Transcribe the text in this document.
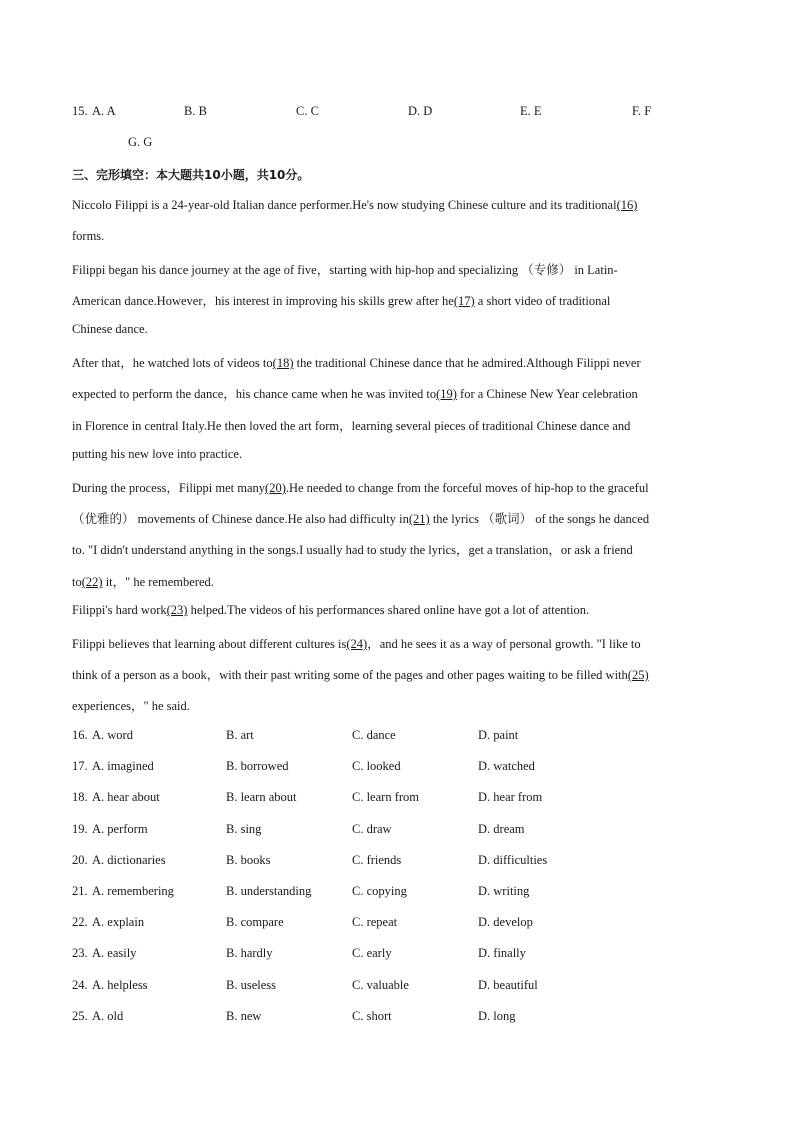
15. A. A	B. B	C. C	D. D	E. E	F. F
G. G
三、完形填空：本大题共10小题，共10分。
Niccolo Filippi is a 24-year-old Italian dance performer.He's now studying Chinese culture and its traditional(16)
forms.
Filippi began his dance journey at the age of five，starting with hip-hop and specializing （专修） in Latin-
American dance.However，his interest in improving his skills grew after he(17) a short video of traditional
Chinese dance.
After that，he watched lots of videos to(18) the traditional Chinese dance that he admired.Although Filippi never
expected to perform the dance，his chance came when he was invited to(19) for a Chinese New Year celebration
in Florence in central Italy.He then loved the art form，learning several pieces of traditional Chinese dance and
putting his new love into practice.
During the process，Filippi met many(20).He needed to change from the forceful moves of hip-hop to the graceful
（优雅的） movements of Chinese dance.He also had difficulty in(21) the lyrics （歌词） of the songs he danced
to. "I didn't understand anything in the songs.I usually had to study the lyrics，get a translation，or ask a friend
to(22) it，" he remembered.
Filippi's hard work(23) helped.The videos of his performances shared online have got a lot of attention.
Filippi believes that learning about different cultures is(24)，and he sees it as a way of personal growth. "I like to
think of a person as a book，with their past writing some of the pages and other pages waiting to be filled with(25)
experiences，" he said.
16. A. word	B. art	C. dance	D. paint
17. A. imagined	B. borrowed	C. looked	D. watched
18. A. hear about	B. learn about	C. learn from	D. hear from
19. A. perform	B. sing	C. draw	D. dream
20. A. dictionaries	B. books	C. friends	D. difficulties
21. A. remembering	B. understanding	C. copying	D. writing
22. A. explain	B. compare	C. repeat	D. develop
23. A. easily	B. hardly	C. early	D. finally
24. A. helpless	B. useless	C. valuable	D. beautiful
25. A. old	B. new	C. short	D. long
